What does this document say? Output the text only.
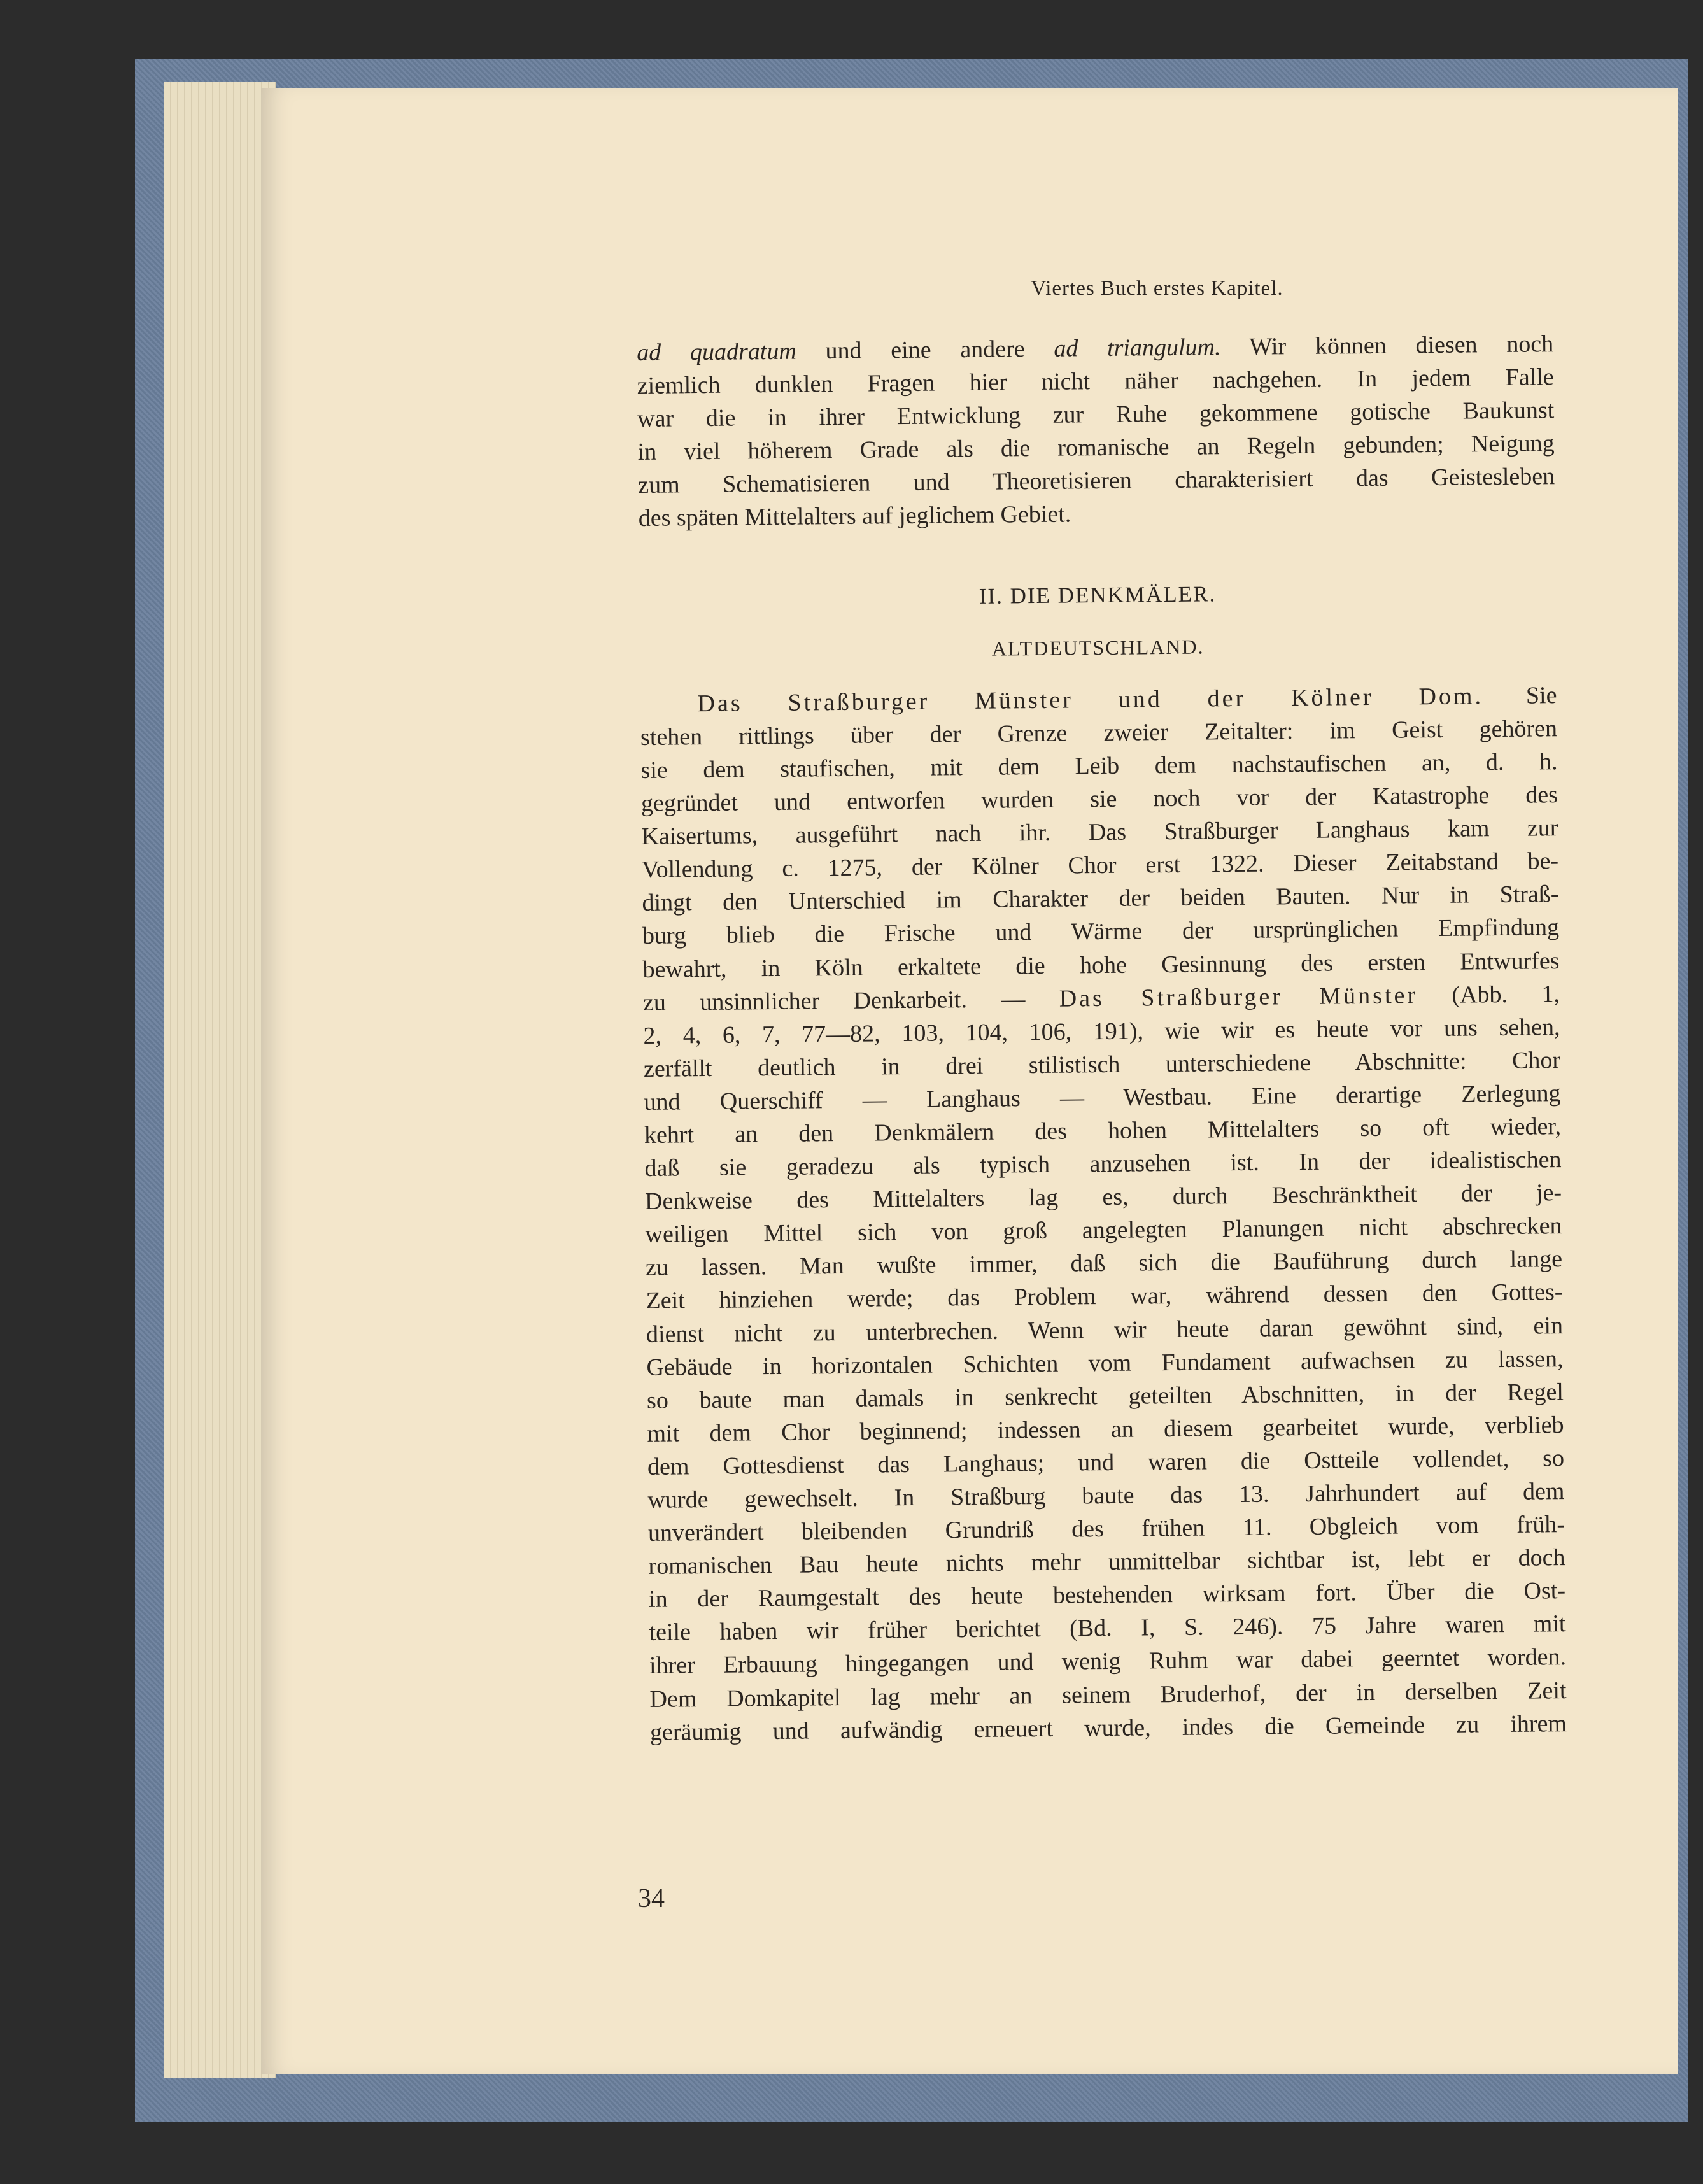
Viertes Buch erstes Kapitel.
ad quadratum und eine andere ad triangulum. Wir können diesen noch
ziemlich dunklen Fragen hier nicht näher nachgehen. In jedem Falle
war die in ihrer Entwicklung zur Ruhe gekommene gotische Baukunst
in viel höherem Grade als die romanische an Regeln gebunden; Neigung
zum Schematisieren und Theoretisieren charakterisiert das Geistesleben
des späten Mittelalters auf jeglichem Gebiet.
II. DIE DENKMÄLER.
ALTDEUTSCHLAND.
Das Straßburger Münster und der Kölner Dom. Sie
stehen rittlings über der Grenze zweier Zeitalter: im Geist gehören
sie dem staufischen, mit dem Leib dem nachstaufischen an, d. h.
gegründet und entworfen wurden sie noch vor der Katastrophe des
Kaisertums, ausgeführt nach ihr. Das Straßburger Langhaus kam zur
Vollendung c. 1275, der Kölner Chor erst 1322. Dieser Zeitabstand be-
dingt den Unterschied im Charakter der beiden Bauten. Nur in Straß-
burg blieb die Frische und Wärme der ursprünglichen Empfindung
bewahrt, in Köln erkaltete die hohe Gesinnung des ersten Entwurfes
zu unsinnlicher Denkarbeit. — Das Straßburger Münster (Abb. 1,
2, 4, 6, 7, 77—82, 103, 104, 106, 191), wie wir es heute vor uns sehen,
zerfällt deutlich in drei stilistisch unterschiedene Abschnitte: Chor
und Querschiff — Langhaus — Westbau. Eine derartige Zerlegung
kehrt an den Denkmälern des hohen Mittelalters so oft wieder,
daß sie geradezu als typisch anzusehen ist. In der idealistischen
Denkweise des Mittelalters lag es, durch Beschränktheit der je-
weiligen Mittel sich von groß angelegten Planungen nicht abschrecken
zu lassen. Man wußte immer, daß sich die Bauführung durch lange
Zeit hinziehen werde; das Problem war, während dessen den Gottes-
dienst nicht zu unterbrechen. Wenn wir heute daran gewöhnt sind, ein
Gebäude in horizontalen Schichten vom Fundament aufwachsen zu lassen,
so baute man damals in senkrecht geteilten Abschnitten, in der Regel
mit dem Chor beginnend; indessen an diesem gearbeitet wurde, verblieb
dem Gottesdienst das Langhaus; und waren die Ostteile vollendet, so
wurde gewechselt. In Straßburg baute das 13. Jahrhundert auf dem
unverändert bleibenden Grundriß des frühen 11. Obgleich vom früh-
romanischen Bau heute nichts mehr unmittelbar sichtbar ist, lebt er doch
in der Raumgestalt des heute bestehenden wirksam fort. Über die Ost-
teile haben wir früher berichtet (Bd. I, S. 246). 75 Jahre waren mit
ihrer Erbauung hingegangen und wenig Ruhm war dabei geerntet worden.
Dem Domkapitel lag mehr an seinem Bruderhof, der in derselben Zeit
geräumig und aufwändig erneuert wurde, indes die Gemeinde zu ihrem
34
